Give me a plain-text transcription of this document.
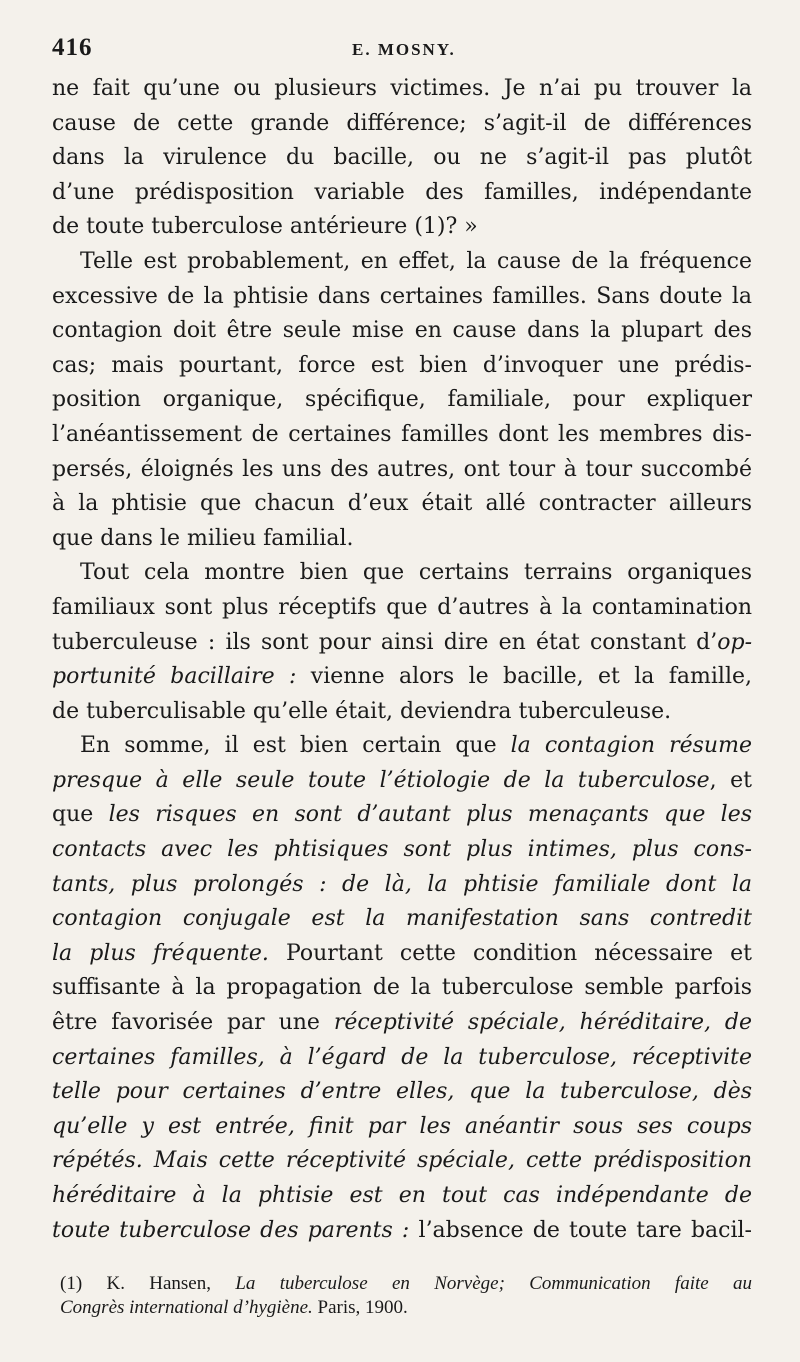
416	E. MOSNY.

ne fait qu’une ou plusieurs victimes. Je n’ai pu trouver la
cause de cette grande différence; s’agit-il de différences
dans la virulence du bacille, ou ne s’agit-il pas plutôt
d’une prédisposition variable des familles, indépendante
de toute tuberculose antérieure (1)? »

Telle est probablement, en effet, la cause de la fréquence
excessive de la phtisie dans certaines familles. Sans doute la
contagion doit être seule mise en cause dans la plupart des
cas; mais pourtant, force est bien d’invoquer une prédis-
position organique, spécifique, familiale, pour expliquer
l’anéantissement de certaines familles dont les membres dis-
persés, éloignés les uns des autres, ont tour à tour succombé
à la phtisie que chacun d’eux était allé contracter ailleurs
que dans le milieu familial.

Tout cela montre bien que certains terrains organiques
familiaux sont plus réceptifs que d’autres à la contamination
tuberculeuse : ils sont pour ainsi dire en état constant d’op-
portunité bacillaire : vienne alors le bacille, et la famille,
de tuberculisable qu’elle était, deviendra tuberculeuse.

En somme, il est bien certain que la contagion résume
presque à elle seule toute l’étiologie de la tuberculose, et
que les risques en sont d’autant plus menaçants que les
contacts avec les phtisiques sont plus intimes, plus cons-
tants, plus prolongés : de là, la phtisie familiale dont la
contagion conjugale est la manifestation sans contredit
la plus fréquente. Pourtant cette condition nécessaire et
suffisante à la propagation de la tuberculose semble parfois
être favorisée par une réceptivité spéciale, héréditaire, de
certaines familles, à l’égard de la tuberculose, réceptivite
telle pour certaines d’entre elles, que la tuberculose, dès
qu’elle y est entrée, finit par les anéantir sous ses coups
répétés. Mais cette réceptivité spéciale, cette prédisposition
héréditaire à la phtisie est en tout cas indépendante de
toute tuberculose des parents : l’absence de toute tare bacil-

(1) K. Hansen, La tuberculose en Norvège; Communication faite au
Congrès international d’hygiène. Paris, 1900.
